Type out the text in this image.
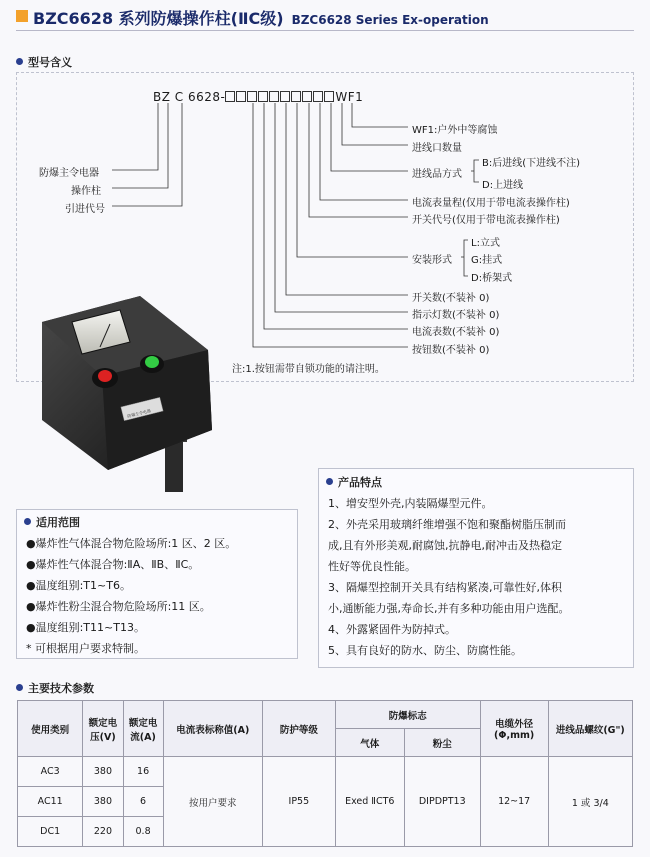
BZC6628 系列防爆操作柱(ⅡC级) BZC6628 Series Ex-operation
型号含义
BZ C 6628-	WF1
防爆主令电器
操作柱
引进代号
WF1:户外中等腐蚀
进线口数量
进线品方式
B:后进线(下进线不注)
D:上进线
电流表量程(仅用于带电流表操作柱)
开关代号(仅用于带电流表操作柱)
安装形式
L:立式
G:挂式
D:桥架式
开关数(不装补 0)
指示灯数(不装补 0)
电流表数(不装补 0)
按钮数(不装补 0)
注:1.按钮需带自锁功能的请注明。
防爆主令电器
适用范围
●爆炸性气体混合物危险场所:1 区、2 区。
●爆炸性气体混合物:ⅡA、ⅡB、ⅡC。
●温度组别:T1~T6。
●爆炸性粉尘混合物危险场所:11 区。
●温度组别:T11~T13。
* 可根据用户要求特制。
产品特点
1、增安型外壳,内装隔爆型元件。
2、外壳采用玻璃纤维增强不饱和聚酯树脂压制而
成,且有外形美观,耐腐蚀,抗静电,耐冲击及热稳定
性好等优良性能。
3、隔爆型控制开关具有结构紧凑,可靠性好,体积
小,通断能力强,寿命长,并有多种功能由用户选配。
4、外露紧固件为防掉式。
5、具有良好的防水、防尘、防腐性能。
主要技术参数
使用类别	额定电压(V)	额定电流(A)	电流表标称值(A)	防护等级	防爆标志		电缆外径(Φ,mm)	进线品螺纹(G")
					气体	粉尘		
AC3	380	16	按用户要求	IP55	Exed ⅡCT6	DIPDPT13	12~17	1 或 3/4
AC11	380	6						
DC1	220	0.8						
